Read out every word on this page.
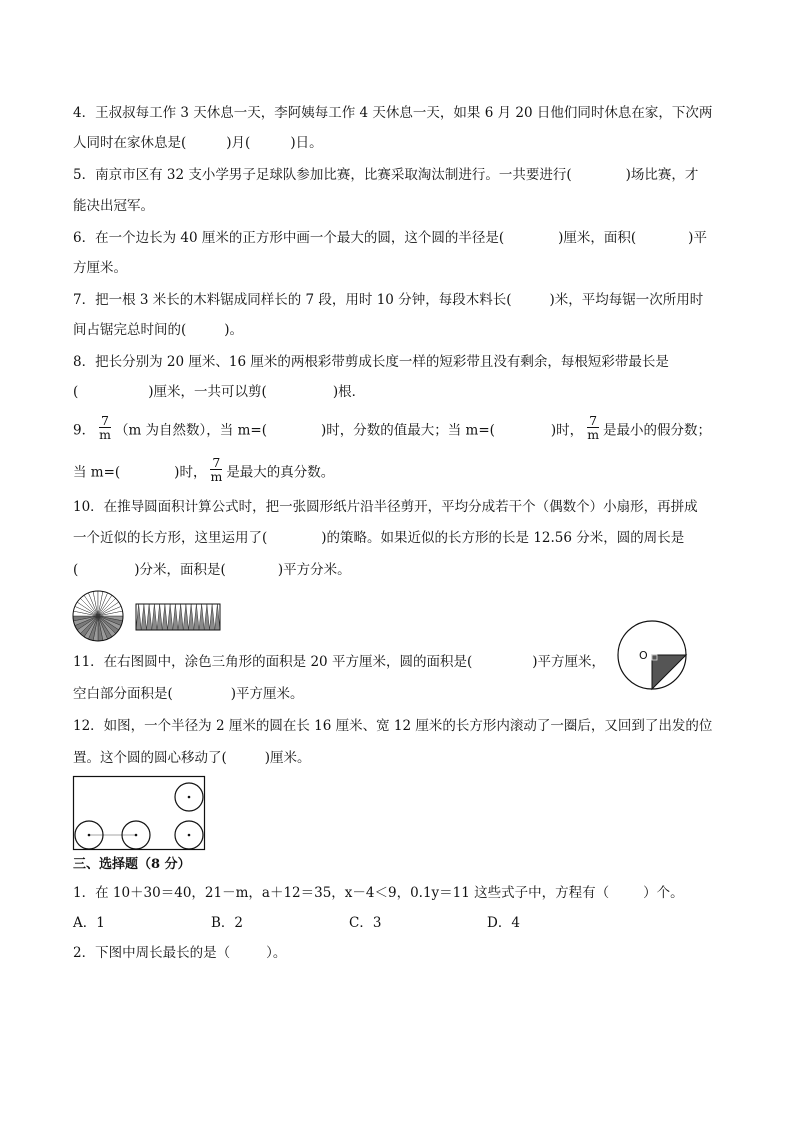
4．王叔叔每工作 3 天休息一天，李阿姨每工作 4 天休息一天，如果 6 月 20 日他们同时休息在家，下次两
人同时在家休息是(	)月(	)日。
5．南京市区有 32 支小学男子足球队参加比赛，比赛采取淘汰制进行。一共要进行(	)场比赛，才
能决出冠军。
6．在一个边长为 40 厘米的正方形中画一个最大的圆，这个圆的半径是(	)厘米，面积(	)平
方厘米。
7．把一根 3 米长的木料锯成同样长的 7 段，用时 10 分钟，每段木料长(	)米，平均每锯一次所用时
间占锯完总时间的(	)。
8．把长分别为 20 厘米、16 厘米的两根彩带剪成长度一样的短彩带且没有剩余，每根短彩带最长是
(	)厘米，一共可以剪(	)根．
9． $\frac{7}{m} (m$ 为自然数），当 m=(	)时，分数的值最大；当 m=(	)时， $\frac{7}{m}$ 是最小的假分数；
当 m=(	)时， $\frac{7}{m}$ 是最大的真分数。
10．在推导圆面积计算公式时，把一张圆形纸片沿半径剪开，平均分成若干个（偶数个）小扇形，再拼成
一个近似的长方形，这里运用了(	)的策略。如果近似的长方形的长是 12.56 分米，圆的周长是
(	)分米，面积是(	)平方分米。
11．在右图圆中，涂色三角形的面积是 20 平方厘米，圆的面积是(	)平方厘米，
空白部分面积是(	)平方厘米。
O
12．如图，一个半径为 2 厘米的圆在长 16 厘米、宽 12 厘米的长方形内滚动了一圈后，又回到了出发的位
置。这个圆的圆心移动了(	)厘米。
三、选择题（8 分）
1．在 10＋30＝40，21－m，a＋12＝35，x－4＜9，0.1y＝11 这些式子中，方程有（	）个。
A．1	B．2	C．3	D．4
2．下图中周长最长的是（	）。
